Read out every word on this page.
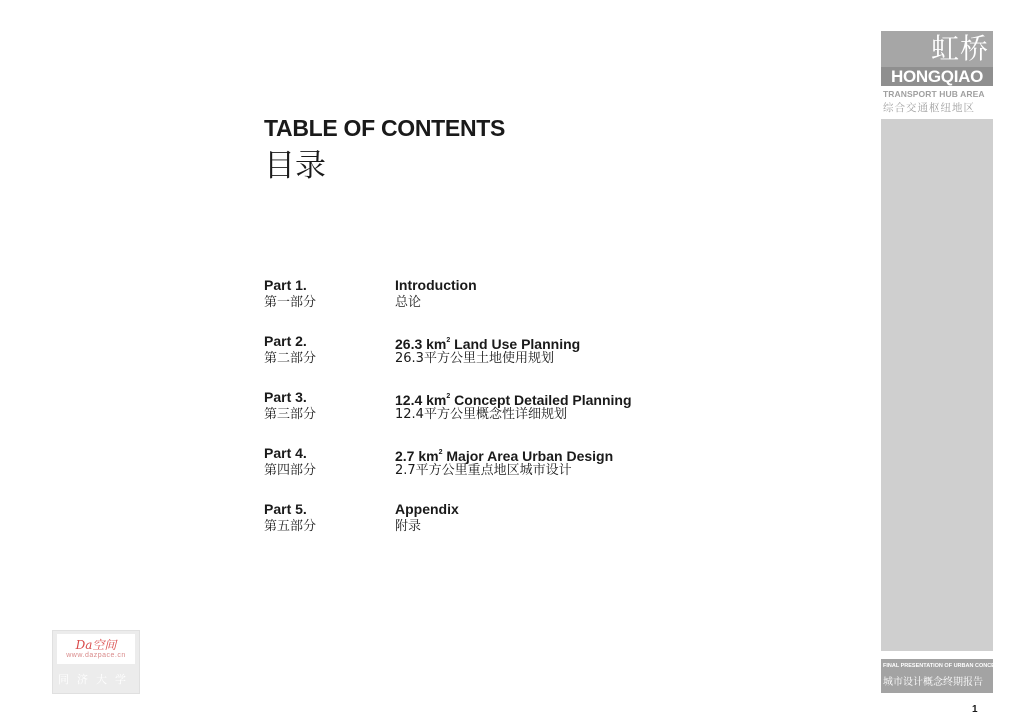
TABLE OF CONTENTS
目录
Part 1.
第一部分
Introduction
总论
Part 2.
第二部分
26.3 $km^2$ Land Use Planning
26.3平方公里土地使用规划
Part 3.
第三部分
12.4 $km^2$ Concept Detailed Planning
12.4平方公里概念性详细规划
Part 4.
第四部分
2.7 $km^2$ Major Area Urban Design
2.7平方公里重点地区城市设计
Part 5.
第五部分
Appendix
附录
虹桥
HONGQIAO
TRANSPORT HUB AREA
综合交通枢纽地区
FINAL PRESENTATION OF URBAN CONCEPTS
城市设计概念终期报告
Da空间
www.dazpace.cn
同济大学
1
